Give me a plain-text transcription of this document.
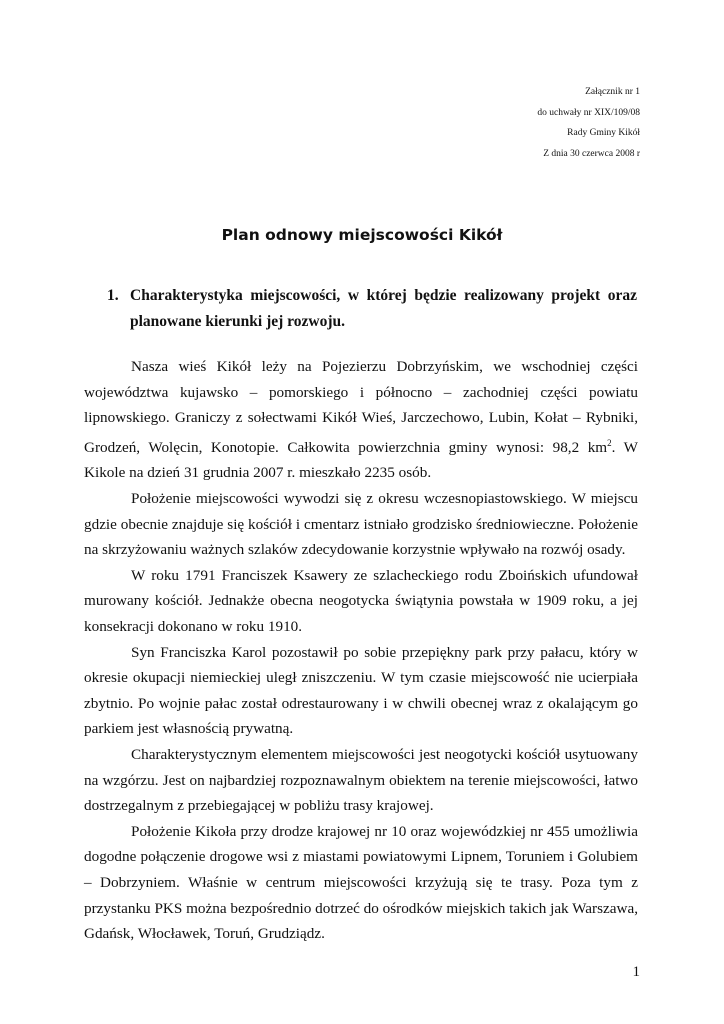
Załącznik nr 1
do uchwały nr XIX/109/08
Rady Gminy Kikół
Z dnia 30 czerwca 2008 r
Plan odnowy miejscowości Kikół
1. Charakterystyka miejscowości, w której będzie realizowany projekt oraz planowane kierunki jej rozwoju.

Nasza wieś Kikół leży na Pojezierzu Dobrzyńskim, we wschodniej części województwa kujawsko – pomorskiego i północno – zachodniej części powiatu lipnowskiego. Graniczy z sołectwami Kikół Wieś, Jarczechowo, Lubin, Kołat – Rybniki, Grodzeń, Wolęcin, Konotopie. Całkowita powierzchnia gminy wynosi: 98,2 $km^2$. W Kikole na dzień 31 grudnia 2007 r. mieszkało 2235 osób.

Położenie miejscowości wywodzi się z okresu wczesnopiastowskiego. W miejscu gdzie obecnie znajduje się kościół i cmentarz istniało grodzisko średniowieczne. Położenie na skrzyżowaniu ważnych szlaków zdecydowanie korzystnie wpływało na rozwój osady.

W roku 1791 Franciszek Ksawery ze szlacheckiego rodu Zboińskich ufundował murowany kościół. Jednakże obecna neogotycka świątynia powstała w 1909 roku, a jej konsekracji dokonano w roku 1910.

Syn Franciszka Karol pozostawił po sobie przepiękny park przy pałacu, który w okresie okupacji niemieckiej uległ zniszczeniu. W tym czasie miejscowość nie ucierpiała zbytnio. Po wojnie pałac został odrestaurowany i w chwili obecnej wraz z okalającym go parkiem jest własnością prywatną.

Charakterystycznym elementem miejscowości jest neogotycki kościół usytuowany na wzgórzu. Jest on najbardziej rozpoznawalnym obiektem na terenie miejscowości, łatwo dostrzegalnym z przebiegającej w pobliżu trasy krajowej.

Położenie Kikoła przy drodze krajowej nr 10 oraz wojewódzkiej nr 455 umożliwia dogodne połączenie drogowe wsi z miastami powiatowymi Lipnem, Toruniem i Golubiem – Dobrzyniem. Właśnie w centrum miejscowości krzyżują się te trasy. Poza tym z przystanku PKS można bezpośrednio dotrzeć do ośrodków miejskich takich jak Warszawa, Gdańsk, Włocławek, Toruń, Grudziądz.

1
